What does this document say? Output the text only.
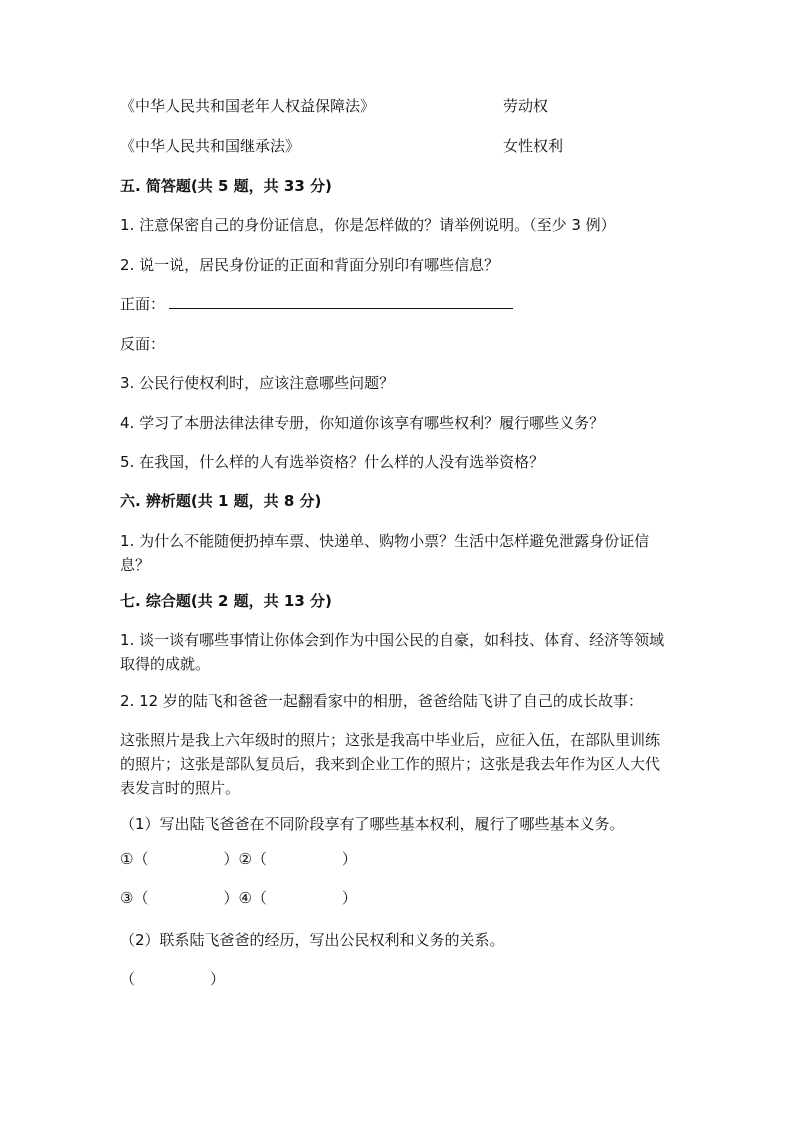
《中华人民共和国老年人权益保障法》	劳动权
《中华人民共和国继承法》	女性权利
五. 简答题(共 5 题，共 33 分)
1. 注意保密自己的身份证信息，你是怎样做的？请举例说明。（至少 3 例）
2. 说一说，居民身份证的正面和背面分别印有哪些信息？
正面：
反面：
3. 公民行使权利时，应该注意哪些问题？
4. 学习了本册法律法律专册，你知道你该享有哪些权利？履行哪些义务？
5. 在我国，什么样的人有选举资格？什么样的人没有选举资格？
六. 辨析题(共 1 题，共 8 分)
1. 为什么不能随便扔掉车票、快递单、购物小票？生活中怎样避免泄露身份证信息？
七. 综合题(共 2 题，共 13 分)
1. 谈一谈有哪些事情让你体会到作为中国公民的自豪，如科技、体育、经济等领域取得的成就。
2. 12 岁的陆飞和爸爸一起翻看家中的相册，爸爸给陆飞讲了自己的成长故事：
这张照片是我上六年级时的照片；这张是我高中毕业后，应征入伍，在部队里训练的照片；这张是部队复员后，我来到企业工作的照片；这张是我去年作为区人大代表发言时的照片。
（1）写出陆飞爸爸在不同阶段享有了哪些基本权利，履行了哪些基本义务。
①（　　　　　）②（　　　　　）
③（　　　　　）④（　　　　　）
（2）联系陆飞爸爸的经历，写出公民权利和义务的关系。
（　　　　　）
